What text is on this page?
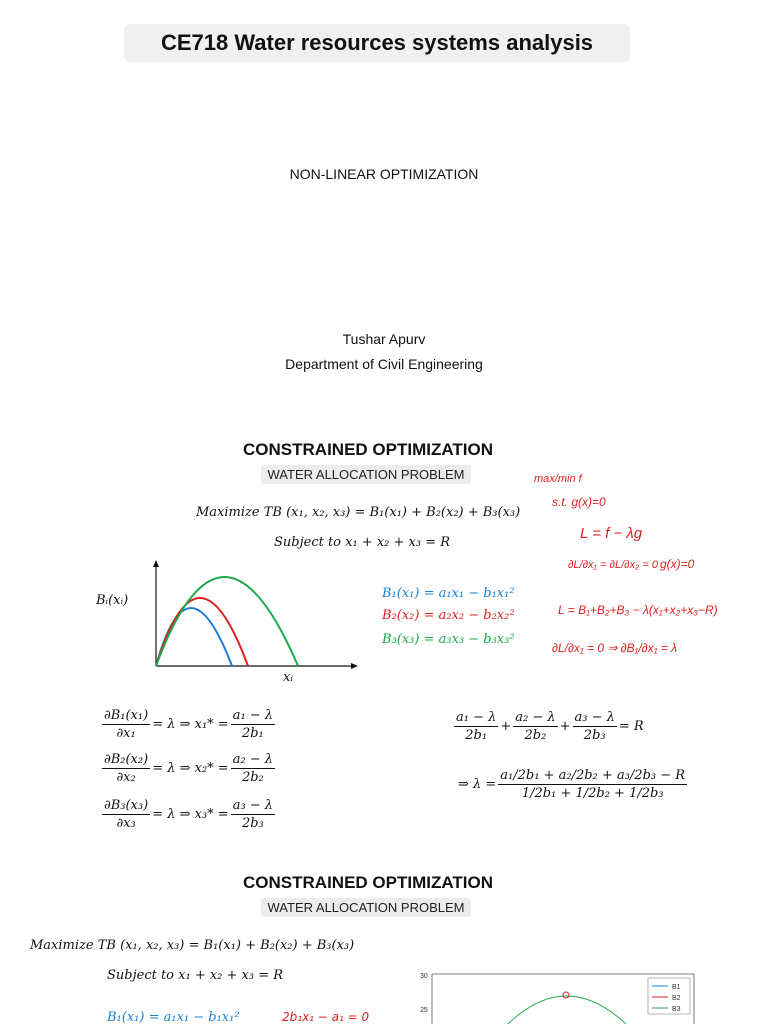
CE718 Water resources systems analysis
NON-LINEAR OPTIMIZATION
Tushar Apurv
Department of Civil Engineering
CONSTRAINED OPTIMIZATION
WATER ALLOCATION PROBLEM
Maximize TB (x₁, x₂, x₃) = B₁(x₁) + B₂(x₂) + B₃(x₃)
Subject to x₁ + x₂ + x₃ = R
Bᵢ(xᵢ)
xᵢ
B₁(x₁) = a₁x₁ − b₁x₁²
B₂(x₂) = a₂x₂ − b₂x₂²
B₃(x₃) = a₃x₃ − b₃x₃²
$\frac{\text{∂B₁(x₁)}}{\text{∂x₁}} = \lambda$ ⇒ $x_1* = \frac{\text{a₁ − λ}}{\text{2b₁}}$
$\frac{\text{∂B₂(x₂)}}{\text{∂x₂}} = \lambda$ ⇒ $x_2* = \frac{\text{a₂ − λ}}{\text{2b₂}}$
$\frac{\text{∂B₃(x₃)}}{\text{∂x₃}} = \lambda$ ⇒ $x_3* = \frac{\text{a₃ − λ}}{\text{2b₃}}$
$\frac{\text{a₁ − λ}}{\text{2b₁}} + \frac{\text{a₂ − λ}}{\text{2b₂}} + \frac{\text{a₃ − λ}}{\text{2b₃}} = R$
⇒ $\lambda = \frac{\text{a₁/2b₁ + a₂/2b₂ + a₃/2b₃ − R}}{\text{1/2b₁ + 1/2b₂ + 1/2b₃}}$
max/min f
s.t. g(x)=0
L = f − λg
∂L/∂x₁ = ∂L/∂x₂ = 0 g(x)=0
L = B₁+B₂+B₃ − λ(x₁+x₂+x₃−R)
∂L/∂x₁ = 0 ⇒ ∂B₁/∂x₁ = λ
CONSTRAINED OPTIMIZATION
WATER ALLOCATION PROBLEM
Maximize TB (x₁, x₂, x₃) = B₁(x₁) + B₂(x₂) + B₃(x₃)
Subject to x₁ + x₂ + x₃ = R
B₁(x₁) = a₁x₁ − b₁x₁²	2b₁x₁ − a₁ = 0
30
25
B1
B2
B3
